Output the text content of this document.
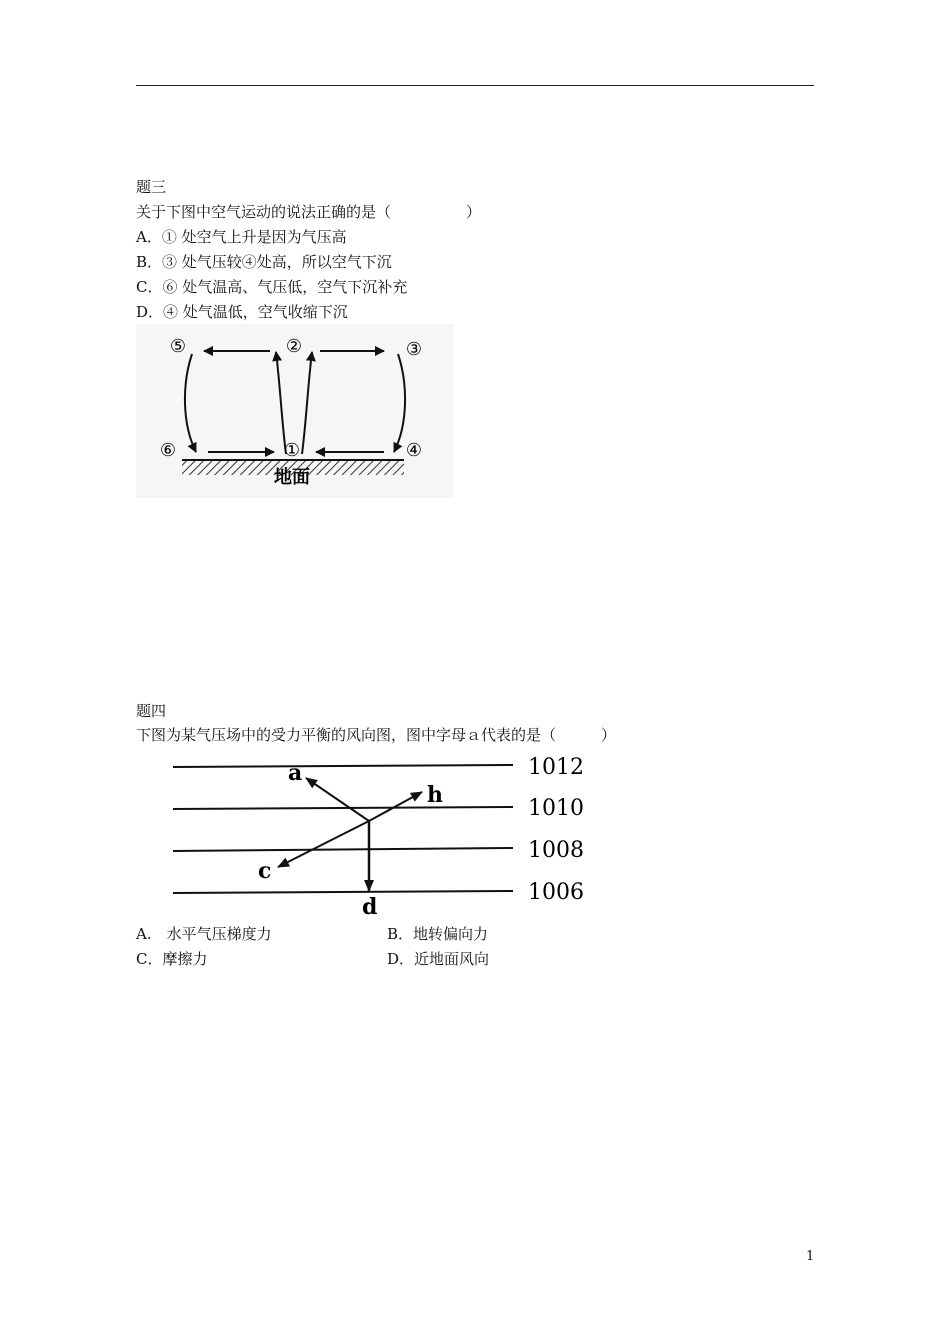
题三
关于下图中空气运动的说法正确的是（　　　　　）
A．① 处空气上升是因为气压高
B．③ 处气压较④处高，所以空气下沉
C．⑥ 处气温高、气压低，空气下沉补充
D．④ 处气温低，空气收缩下沉
⑤	②	③
⑥	①	④
地面
题四
下图为某气压场中的受力平衡的风向图，图中字母ａ代表的是（　　　）
1012
1010
1008
1006
a
h
c
d
A.　水平气压梯度力	B．地转偏向力
C．摩擦力	D．近地面风向
1
